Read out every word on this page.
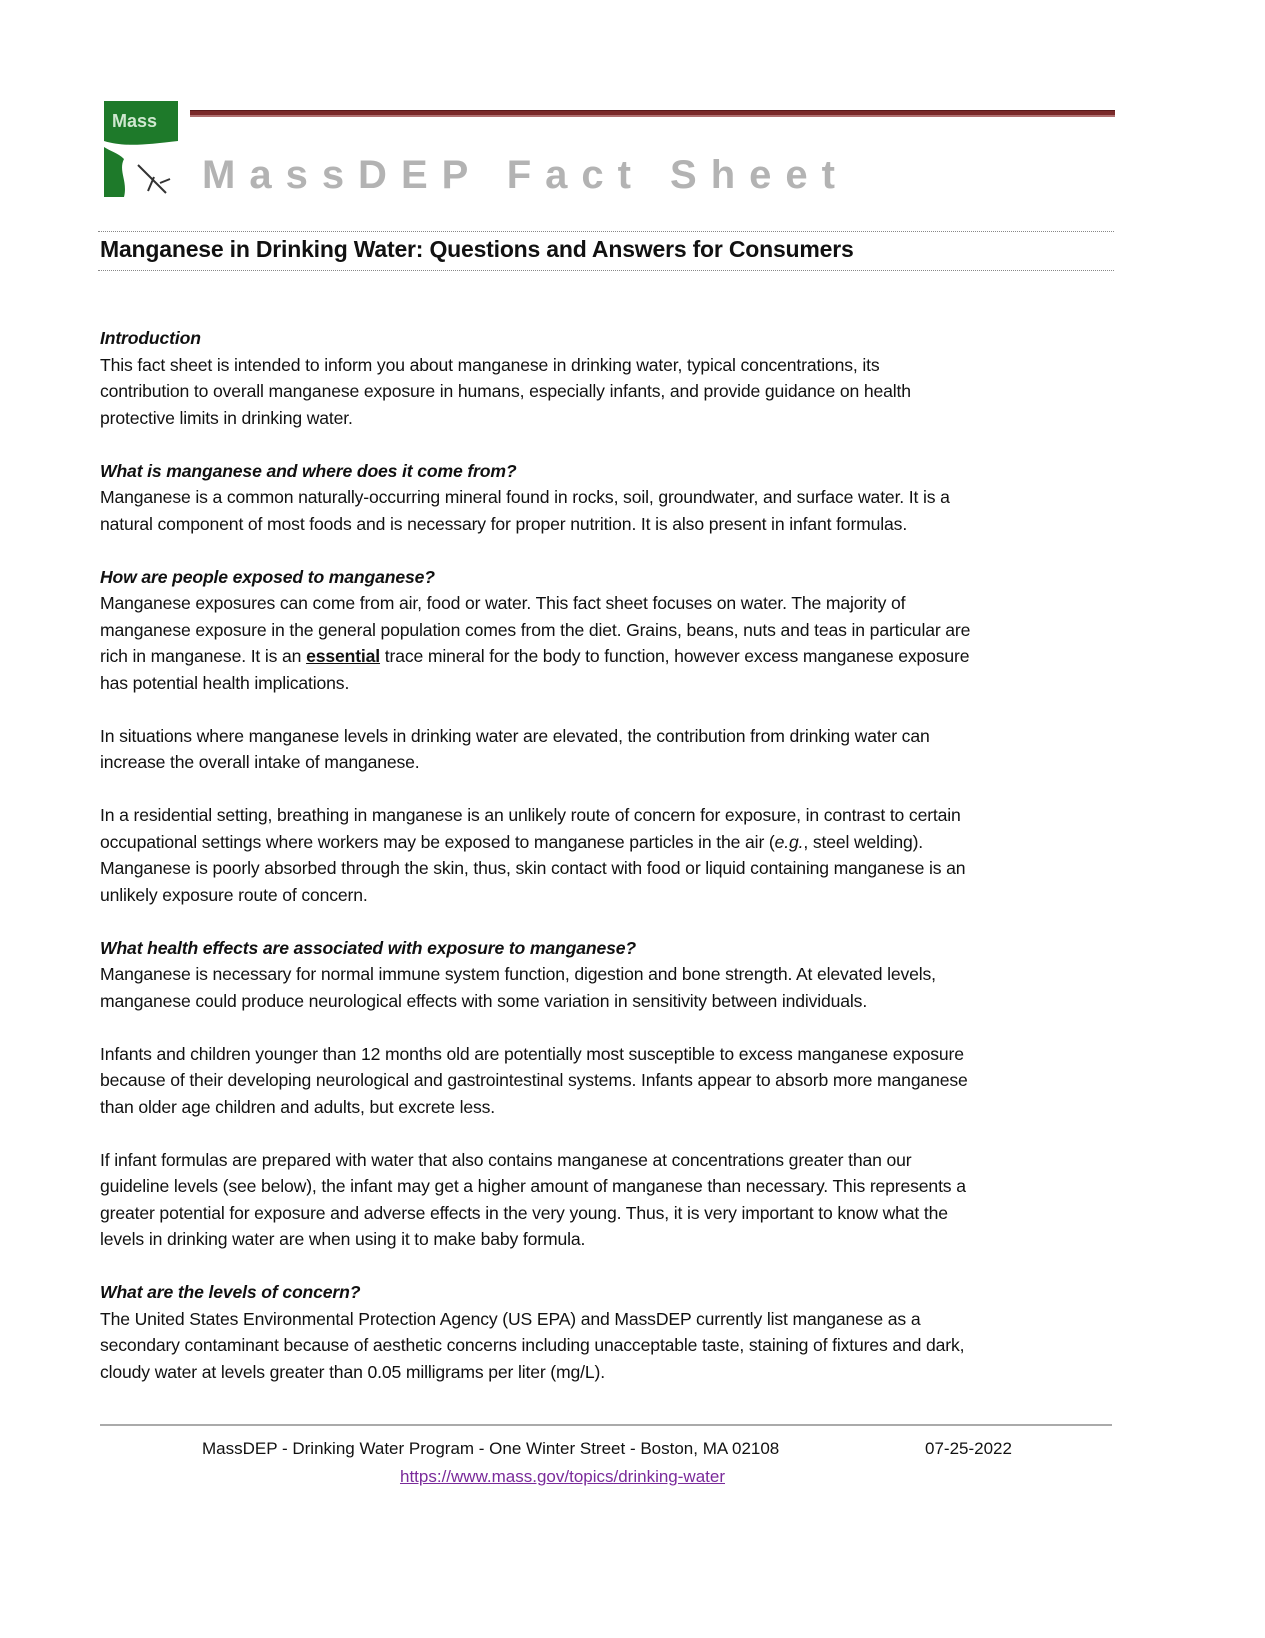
Mass
MassDEP Fact Sheet
Manganese in Drinking Water: Questions and Answers for Consumers
Introduction
This fact sheet is intended to inform you about manganese in drinking water, typical concentrations, its
contribution to overall manganese exposure in humans, especially infants, and provide guidance on health
protective limits in drinking water.
What is manganese and where does it come from?
Manganese is a common naturally-occurring mineral found in rocks, soil, groundwater, and surface water. It is a
natural component of most foods and is necessary for proper nutrition. It is also present in infant formulas.
How are people exposed to manganese?
Manganese exposures can come from air, food or water. This fact sheet focuses on water. The majority of
manganese exposure in the general population comes from the diet. Grains, beans, nuts and teas in particular are
rich in manganese. It is an essential trace mineral for the body to function, however excess manganese exposure
has potential health implications.
In situations where manganese levels in drinking water are elevated, the contribution from drinking water can
increase the overall intake of manganese.
In a residential setting, breathing in manganese is an unlikely route of concern for exposure, in contrast to certain
occupational settings where workers may be exposed to manganese particles in the air (e.g., steel welding).
Manganese is poorly absorbed through the skin, thus, skin contact with food or liquid containing manganese is an
unlikely exposure route of concern.
What health effects are associated with exposure to manganese?
Manganese is necessary for normal immune system function, digestion and bone strength. At elevated levels,
manganese could produce neurological effects with some variation in sensitivity between individuals.
Infants and children younger than 12 months old are potentially most susceptible to excess manganese exposure
because of their developing neurological and gastrointestinal systems. Infants appear to absorb more manganese
than older age children and adults, but excrete less.
If infant formulas are prepared with water that also contains manganese at concentrations greater than our
guideline levels (see below), the infant may get a higher amount of manganese than necessary. This represents a
greater potential for exposure and adverse effects in the very young. Thus, it is very important to know what the
levels in drinking water are when using it to make baby formula.
What are the levels of concern?
The United States Environmental Protection Agency (US EPA) and MassDEP currently list manganese as a
secondary contaminant because of aesthetic concerns including unacceptable taste, staining of fixtures and dark,
cloudy water at levels greater than 0.05 milligrams per liter (mg/L).
MassDEP - Drinking Water Program - One Winter Street - Boston, MA 02108	07-25-2022
https://www.mass.gov/topics/drinking-water
